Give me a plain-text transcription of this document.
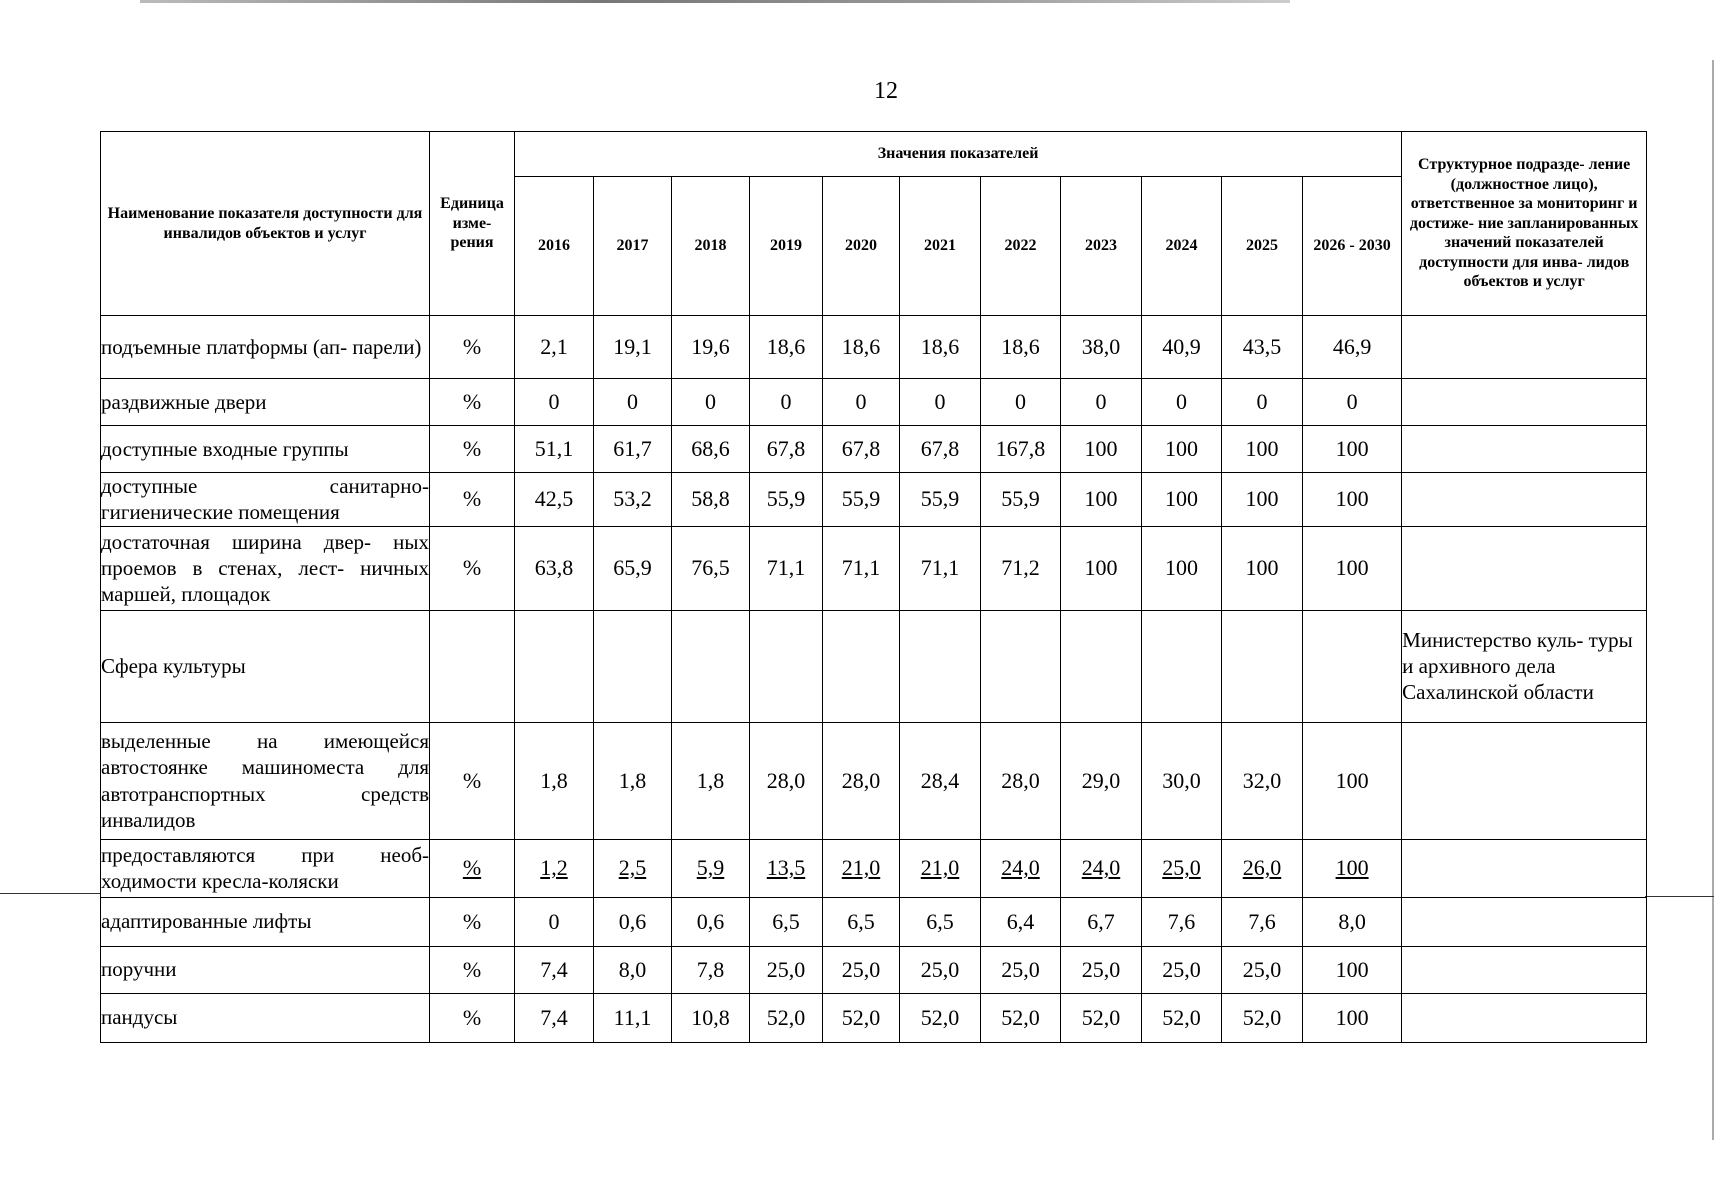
12
Наименование показателя доступности для инвалидов объектов и услуг	Единица изме- рения	Значения показателей											Структурное подразде- ление (должностное лицо), ответственное за мониторинг и достиже- ние запланированных значений показателей доступности для инва- лидов объектов и услуг
		2016	2017	2018	2019	2020	2021	2022	2023	2024	2025	2026 - 2030	
подъемные платформы (ап- парели)	%	2,1	19,1	19,6	18,6	18,6	18,6	18,6	38,0	40,9	43,5	46,9	
раздвижные двери	%	0	0	0	0	0	0	0	0	0	0	0	
доступные входные группы	%	51,1	61,7	68,6	67,8	67,8	67,8	167,8	100	100	100	100	
доступные санитарно- гигиенические помещения	%	42,5	53,2	58,8	55,9	55,9	55,9	55,9	100	100	100	100	
достаточная ширина двер- ных проемов в стенах, лест- ничных маршей, площадок	%	63,8	65,9	76,5	71,1	71,1	71,1	71,2	100	100	100	100	
Сфера культуры													Министерство куль- туры и архивного дела Сахалинской области
выделенные на имеющейся автостоянке машиноместа для автотранспортных средств инвалидов	%	1,8	1,8	1,8	28,0	28,0	28,4	28,0	29,0	30,0	32,0	100	
предоставляются при необ- ходимости кресла-коляски	%	1,2	2,5	5,9	13,5	21,0	21,0	24,0	24,0	25,0	26,0	100	
адаптированные лифты	%	0	0,6	0,6	6,5	6,5	6,5	6,4	6,7	7,6	7,6	8,0	
поручни	%	7,4	8,0	7,8	25,0	25,0	25,0	25,0	25,0	25,0	25,0	100	
пандусы	%	7,4	11,1	10,8	52,0	52,0	52,0	52,0	52,0	52,0	52,0	100	
